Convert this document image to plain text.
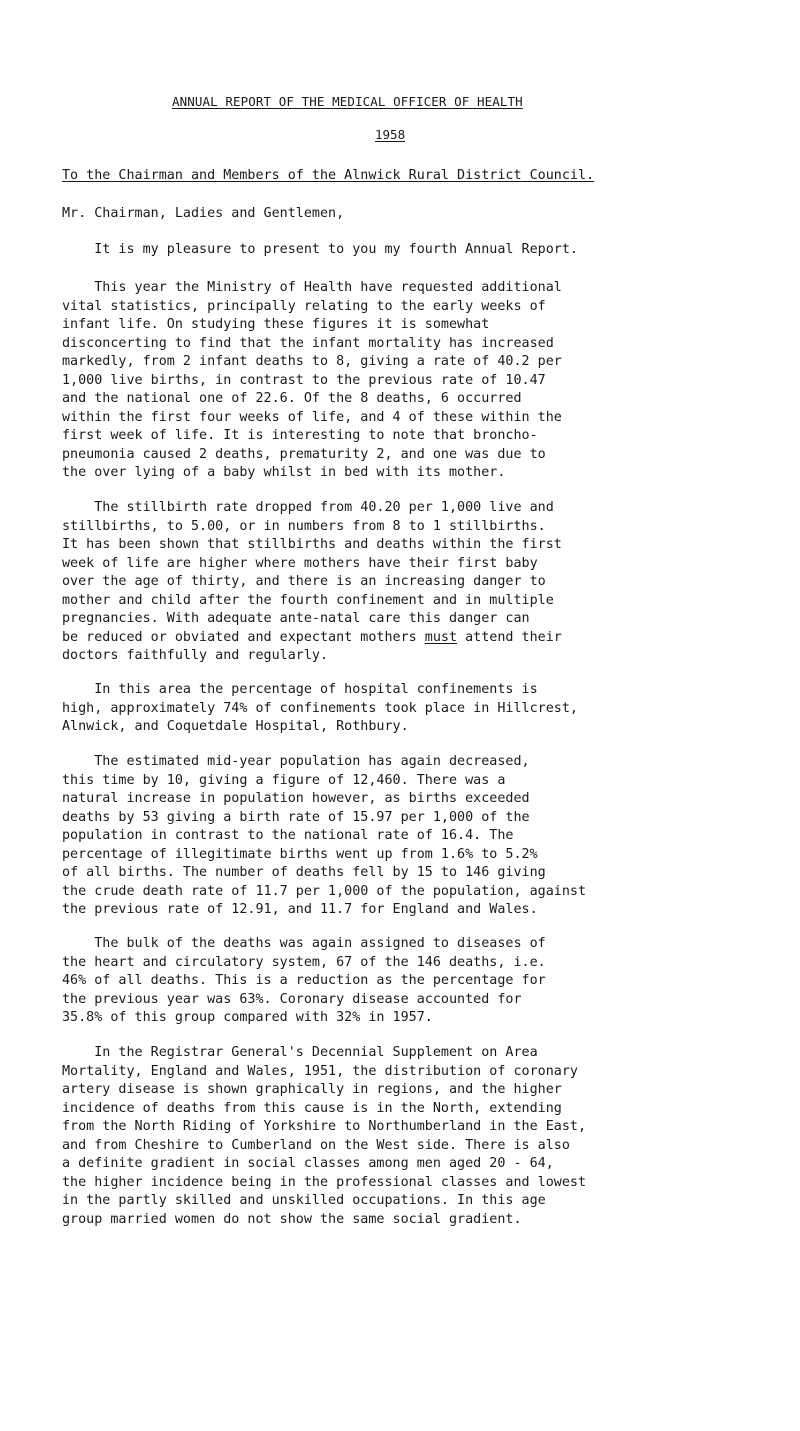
ANNUAL REPORT OF THE MEDICAL OFFICER OF HEALTH
1958

To the Chairman and Members of the Alnwick Rural District Council.

Mr. Chairman, Ladies and Gentlemen,

It is my pleasure to present to you my fourth Annual Report.

This year the Ministry of Health have requested additional
vital statistics, principally relating to the early weeks of
infant life. On studying these figures it is somewhat
disconcerting to find that the infant mortality has increased
markedly, from 2 infant deaths to 8, giving a rate of 40.2 per
1,000 live births, in contrast to the previous rate of 10.47
and the national one of 22.6. Of the 8 deaths, 6 occurred
within the first four weeks of life, and 4 of these within the
first week of life. It is interesting to note that broncho-
pneumonia caused 2 deaths, prematurity 2, and one was due to
the over lying of a baby whilst in bed with its mother.

The stillbirth rate dropped from 40.20 per 1,000 live and
stillbirths, to 5.00, or in numbers from 8 to 1 stillbirths.
It has been shown that stillbirths and deaths within the first
week of life are higher where mothers have their first baby
over the age of thirty, and there is an increasing danger to
mother and child after the fourth confinement and in multiple
pregnancies. With adequate ante-natal care this danger can
be reduced or obviated and expectant mothers must attend their
doctors faithfully and regularly.

In this area the percentage of hospital confinements is
high, approximately 74% of confinements took place in Hillcrest,
Alnwick, and Coquetdale Hospital, Rothbury.

The estimated mid-year population has again decreased,
this time by 10, giving a figure of 12,460. There was a
natural increase in population however, as births exceeded
deaths by 53 giving a birth rate of 15.97 per 1,000 of the
population in contrast to the national rate of 16.4. The
percentage of illegitimate births went up from 1.6% to 5.2%
of all births. The number of deaths fell by 15 to 146 giving
the crude death rate of 11.7 per 1,000 of the population, against
the previous rate of 12.91, and 11.7 for England and Wales.

The bulk of the deaths was again assigned to diseases of
the heart and circulatory system, 67 of the 146 deaths, i.e.
46% of all deaths. This is a reduction as the percentage for
the previous year was 63%. Coronary disease accounted for
35.8% of this group compared with 32% in 1957.

In the Registrar General's Decennial Supplement on Area
Mortality, England and Wales, 1951, the distribution of coronary
artery disease is shown graphically in regions, and the higher
incidence of deaths from this cause is in the North, extending
from the North Riding of Yorkshire to Northumberland in the East,
and from Cheshire to Cumberland on the West side. There is also
a definite gradient in social classes among men aged 20 - 64,
the higher incidence being in the professional classes and lowest
in the partly skilled and unskilled occupations. In this age
group married women do not show the same social gradient.
